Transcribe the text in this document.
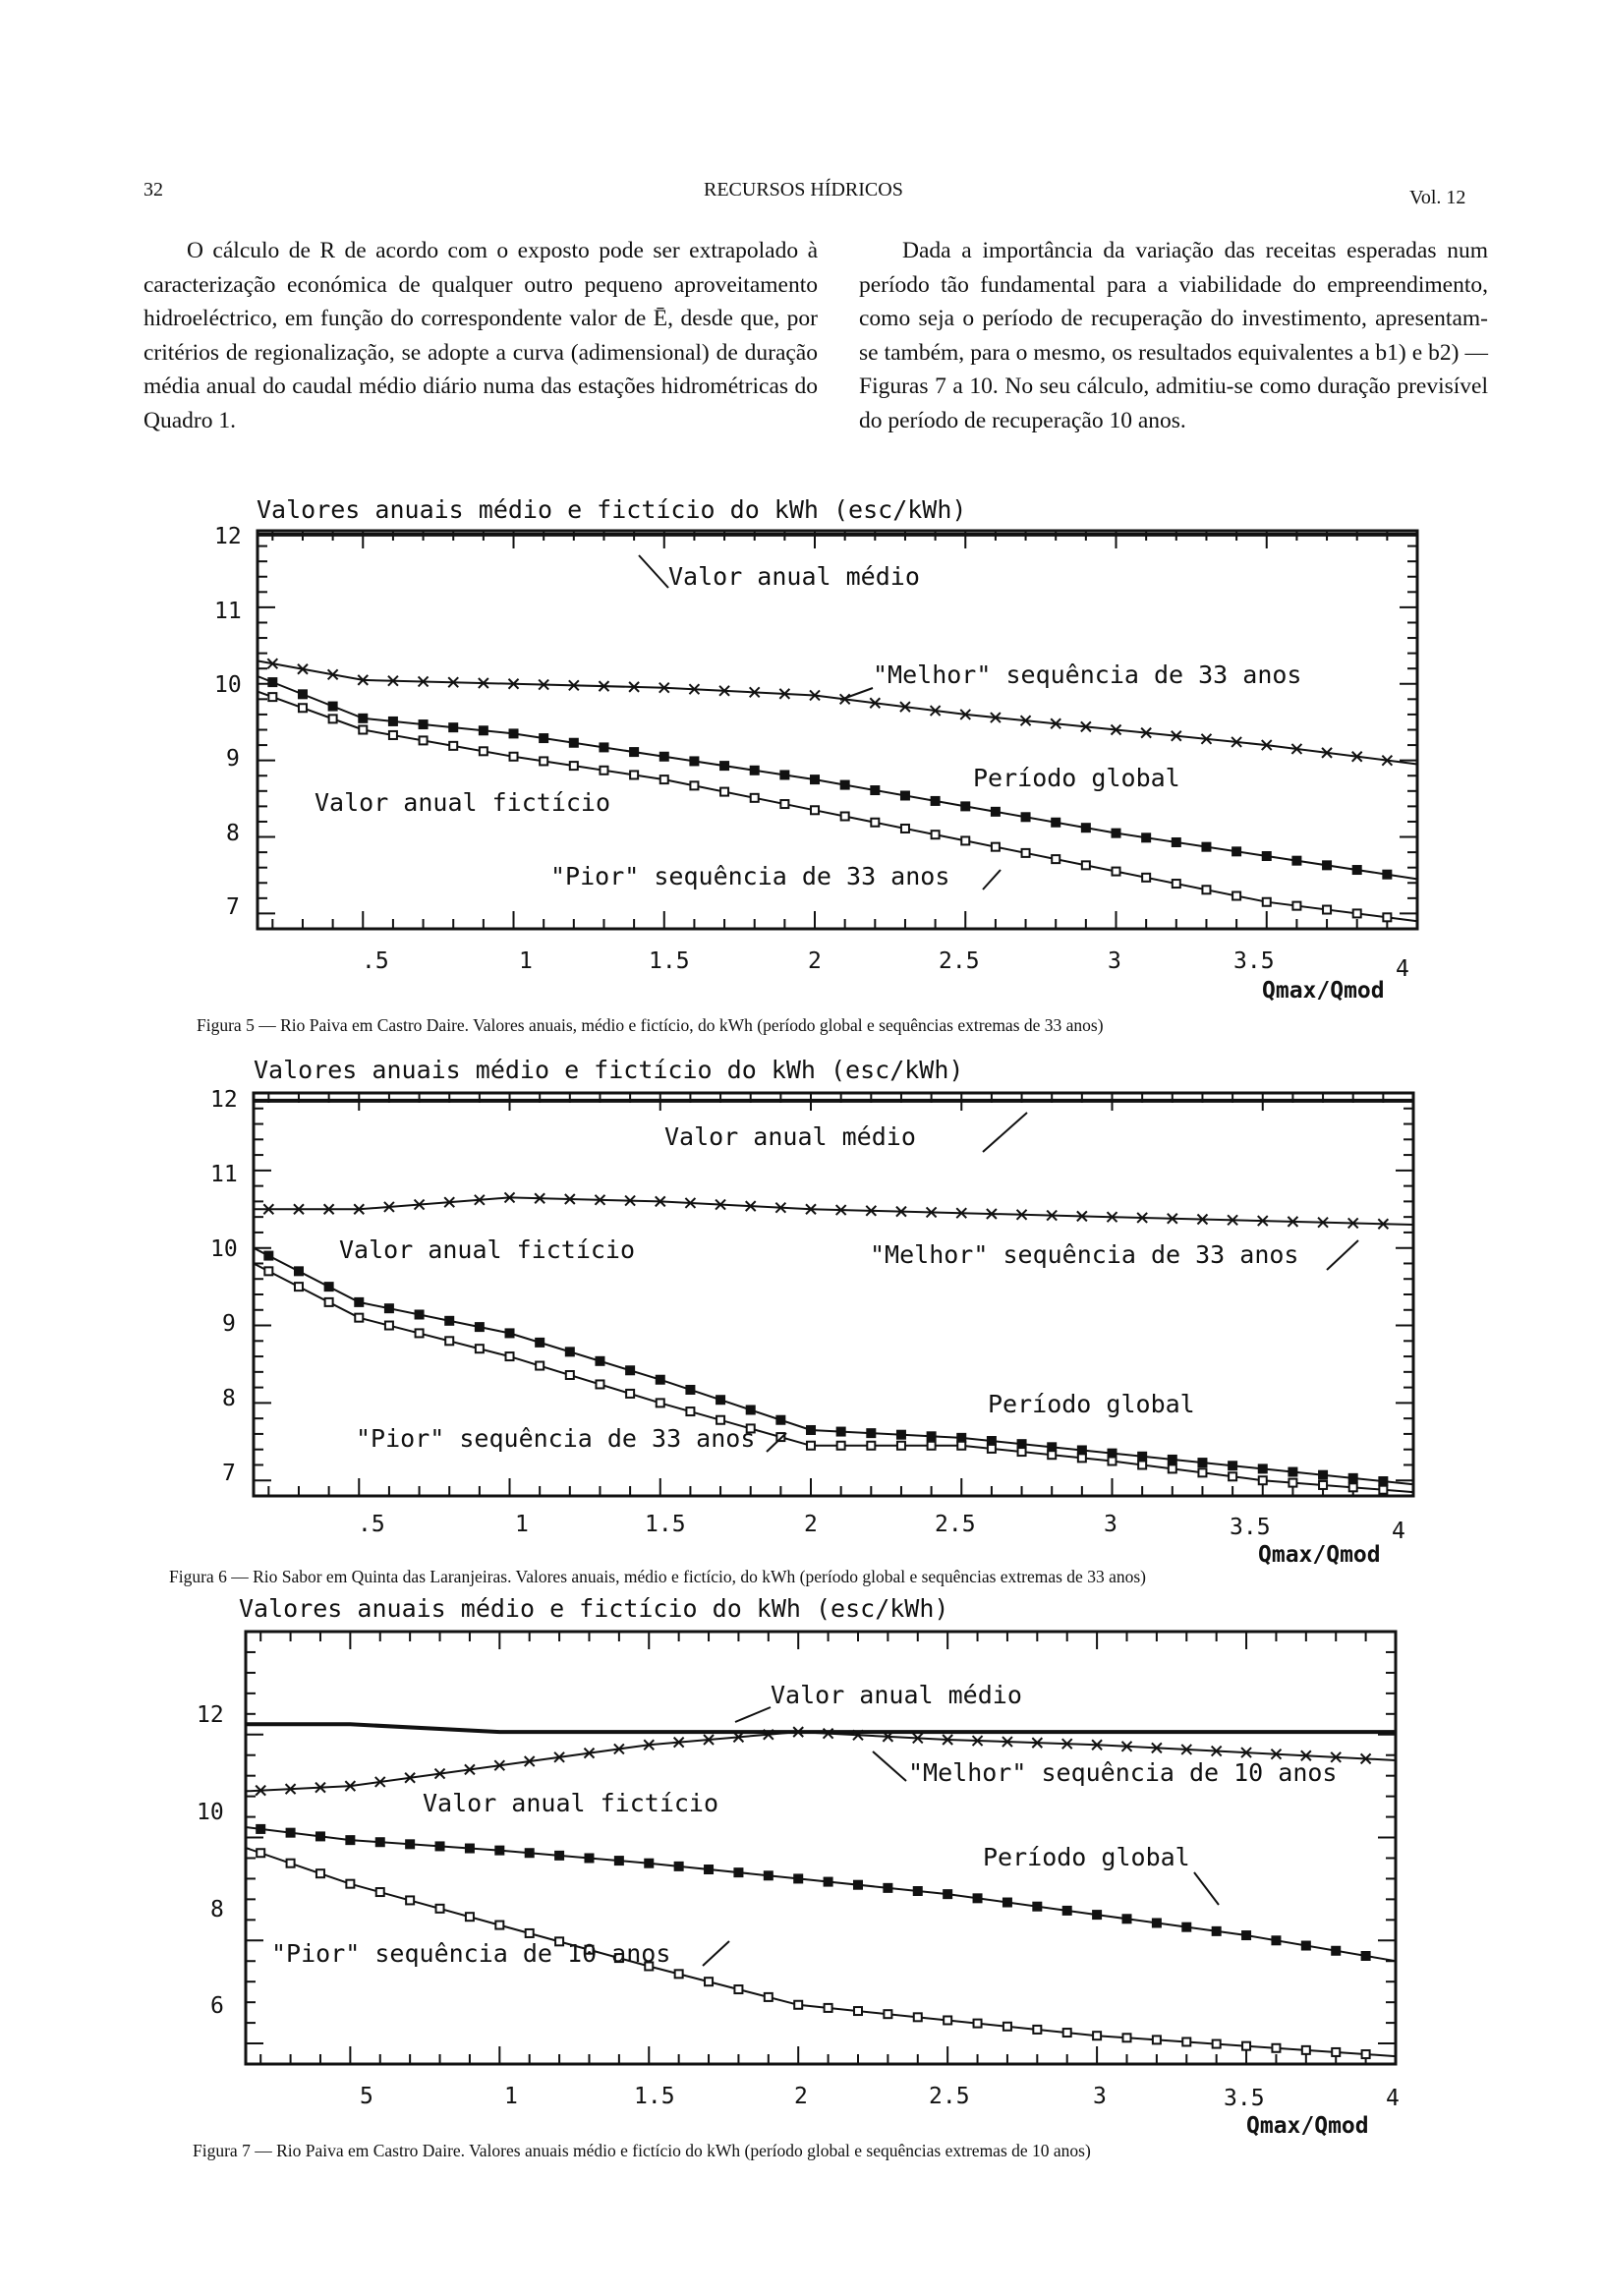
32	RECURSOS HÍDRICOS	Vol. 12

O cálculo de R de acordo com o exposto pode ser extrapolado à caracterização económica de qualquer outro pequeno aproveitamento hidroeléctrico, em função do correspondente valor de Ē, desde que, por critérios de regionalização, se adopte a curva (adimensional) de duração média anual do caudal médio diário numa das estações hidrométricas do Quadro 1.

Dada a importância da variação das receitas esperadas num período tão fundamental para a viabilidade do empreendimento, como seja o período de recuperação do investimento, apresentam-se também, para o mesmo, os resultados equivalentes a b1) e b2) — Figuras 7 a 10. No seu cálculo, admitiu-se como duração previsível do período de recuperação 10 anos.

Valores anuais médio e fictício do kWh (esc/kWh)
12
11
10
9
8
7
.5	1	1.5	2	2.5	3	3.5	4
Qmax/Qmod
Valor anual médio
"Melhor" sequência de 33 anos
Período global
Valor anual fictício
"Pior" sequência de 33 anos
Figura 5 — Rio Paiva em Castro Daire. Valores anuais, médio e fictício, do kWh (período global e sequências extremas de 33 anos)
Valores anuais médio e fictício do kWh (esc/kWh)
12
11
10
9
8
7
.5	1	1.5	2	2.5	3	3.5	4
Qmax/Qmod
Valor anual médio
Valor anual fictício	"Melhor" sequência de 33 anos
Período global
"Pior" sequência de 33 anos
Figura 6 — Rio Sabor em Quinta das Laranjeiras. Valores anuais, médio e fictício, do kWh (período global e sequências extremas de 33 anos)
Valores anuais médio e fictício do kWh (esc/kWh)
12
10
8
6
5	1	1.5	2	2.5	3	3.5	4
Qmax/Qmod
Valor anual médio
"Melhor" sequência de 10 anos
Valor anual fictício
Período global
"Pior" sequência de 10 anos
Figura 7 — Rio Paiva em Castro Daire. Valores anuais médio e fictício do kWh (período global e sequências extremas de 10 anos)
